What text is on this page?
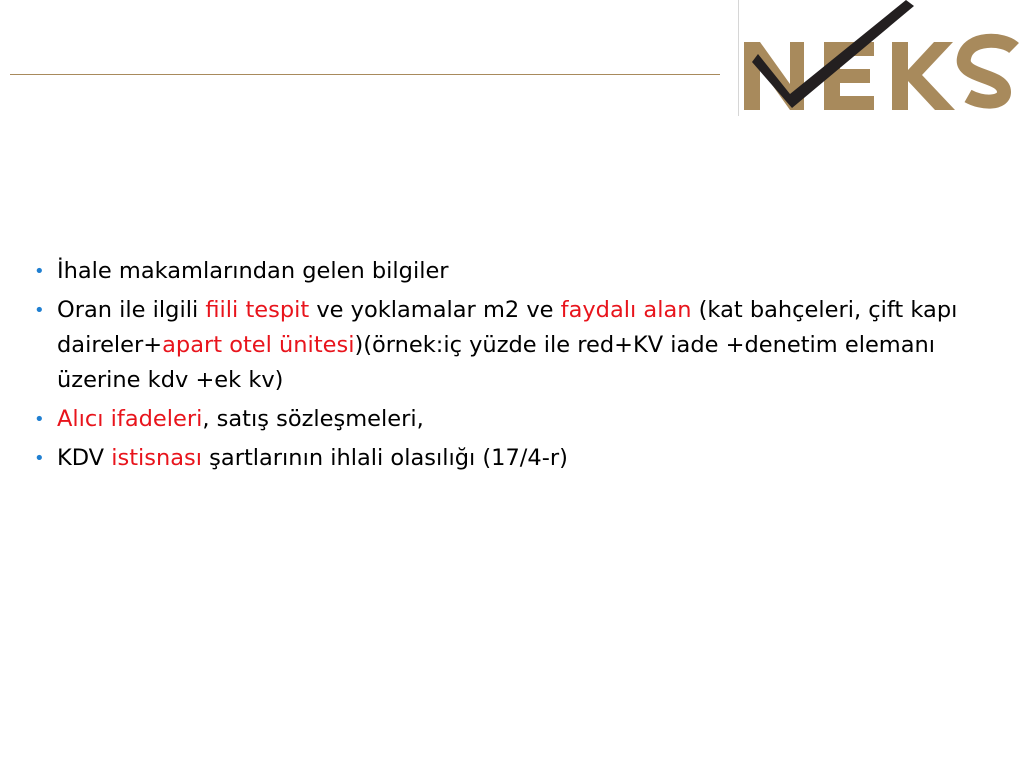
• İhale makamlarından gelen bilgiler
• Oran ile ilgili fiili tespit ve yoklamalar m2 ve faydalı alan (kat bahçeleri, çift kapı daireler+apart otel ünitesi)(örnek:iç yüzde ile red+KV iade +denetim elemanı üzerine kdv +ek kv)
• Alıcı ifadeleri, satış sözleşmeleri,
• KDV istisnası şartlarının ihlali olasılığı (17/4-r)
